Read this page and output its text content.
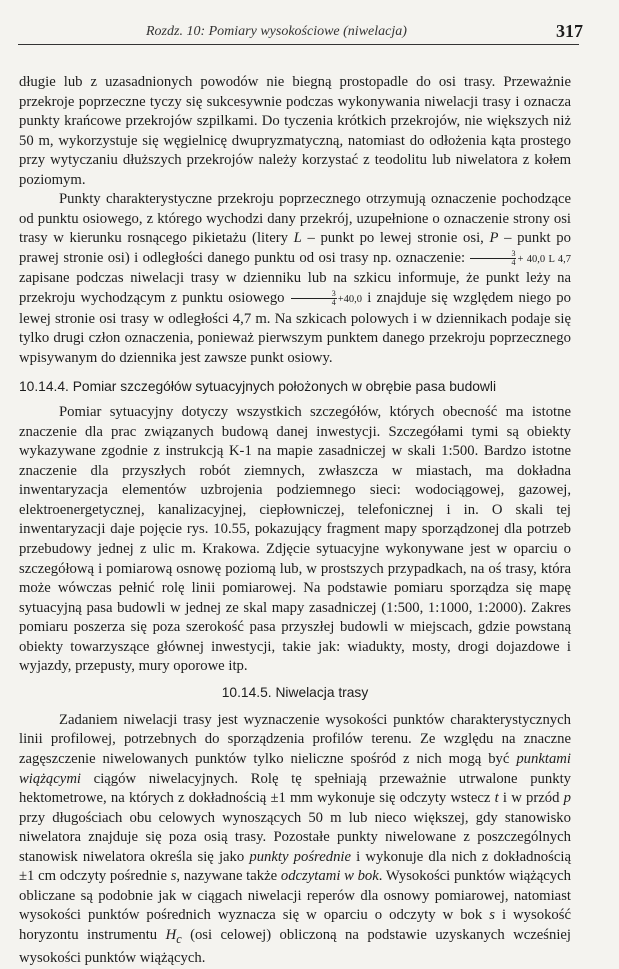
Rozdz. 10: Pomiary wysokościowe (niwelacja)	317

długie lub z uzasadnionych powodów nie biegną prostopadle do osi trasy. Przeważnie przekroje poprzeczne tyczy się sukcesywnie podczas wykonywania niwelacji trasy i oznacza punkty krańcowe przekrojów szpilkami. Do tyczenia krótkich przekrojów, nie większych niż 50 m, wykorzystuje się węgielnicę dwupryzmatyczną, natomiast do odłożenia kąta prostego przy wytyczaniu dłuższych przekrojów należy korzystać z teodolitu lub niwelatora z kołem poziomym.

Punkty charakterystyczne przekroju poprzecznego otrzymują oznaczenie pochodzące od punktu osiowego, z którego wychodzi dany przekrój, uzupełnione o oznaczenie strony osi trasy w kierunku rosnącego pikietażu (litery L – punkt po lewej stronie osi, P – punkt po prawej stronie osi) i odległości danego punktu od osi trasy np. oznaczenie: $\frac{3}{4} + 40,0$ L 4,7 zapisane podczas niwelacji trasy w dzienniku lub na szkicu informuje, że punkt leży na przekroju wychodzącym z punktu osiowego $\frac{3}{4} +40,0$ i znajduje się względem niego po lewej stronie osi trasy w odległości 4,7 m. Na szkicach polowych i w dziennikach podaje się tylko drugi człon oznaczenia, ponieważ pierwszym punktem danego przekroju poprzecznego wpisywanym do dziennika jest zawsze punkt osiowy.

10.14.4. Pomiar szczegółów sytuacyjnych położonych w obrębie pasa budowli

Pomiar sytuacyjny dotyczy wszystkich szczegółów, których obecność ma istotne znaczenie dla prac związanych budową danej inwestycji. Szczegółami tymi są obiekty wykazywane zgodnie z instrukcją K-1 na mapie zasadniczej w skali 1:500. Bardzo istotne znaczenie dla przyszłych robót ziemnych, zwłaszcza w miastach, ma dokładna inwentaryzacja elementów uzbrojenia podziemnego sieci: wodociągowej, gazowej, elektroenergetycznej, kanalizacyjnej, ciepłowniczej, telefonicznej i in. O skali tej inwentaryzacji daje pojęcie rys. 10.55, pokazujący fragment mapy sporządzonej dla potrzeb przebudowy jednej z ulic m. Krakowa. Zdjęcie sytuacyjne wykonywane jest w oparciu o szczegółową i pomiarową osnowę poziomą lub, w prostszych przypadkach, na oś trasy, która może wówczas pełnić rolę linii pomiarowej. Na podstawie pomiaru sporządza się mapę sytuacyjną pasa budowli w jednej ze skal mapy zasadniczej (1:500, 1:1000, 1:2000). Zakres pomiaru poszerza się poza szerokość pasa przyszłej budowli w miejscach, gdzie powstaną obiekty towarzyszące głównej inwestycji, takie jak: wiadukty, mosty, drogi dojazdowe i wyjazdy, przepusty, mury oporowe itp.

10.14.5. Niwelacja trasy

Zadaniem niwelacji trasy jest wyznaczenie wysokości punktów charakterystycznych linii profilowej, potrzebnych do sporządzenia profilów terenu. Ze względu na znaczne zagęszczenie niwelowanych punktów tylko nieliczne spośród z nich mogą być punktami wiążącymi ciągów niwelacyjnych. Rolę tę spełniają przeważnie utrwalone punkty hektometrowe, na których z dokładnością ±1 mm wykonuje się odczyty wstecz t i w przód p przy długościach obu celowych wynoszących 50 m lub nieco większej, gdy stanowisko niwelatora znajduje się poza osią trasy. Pozostałe punkty niwelowane z poszczególnych stanowisk niwelatora określa się jako punkty pośrednie i wykonuje dla nich z dokładnością ±1 cm odczyty pośrednie s, nazywane także odczytami w bok. Wysokości punktów wiążących obliczane są podobnie jak w ciągach niwelacji reperów dla osnowy pomiarowej, natomiast wysokości punktów pośrednich wyznacza się w oparciu o odczyty w bok s i wysokość horyzontu instrumentu $H_c$ (osi celowej) obliczoną na podstawie uzyskanych wcześniej wysokości punktów wiążących.
